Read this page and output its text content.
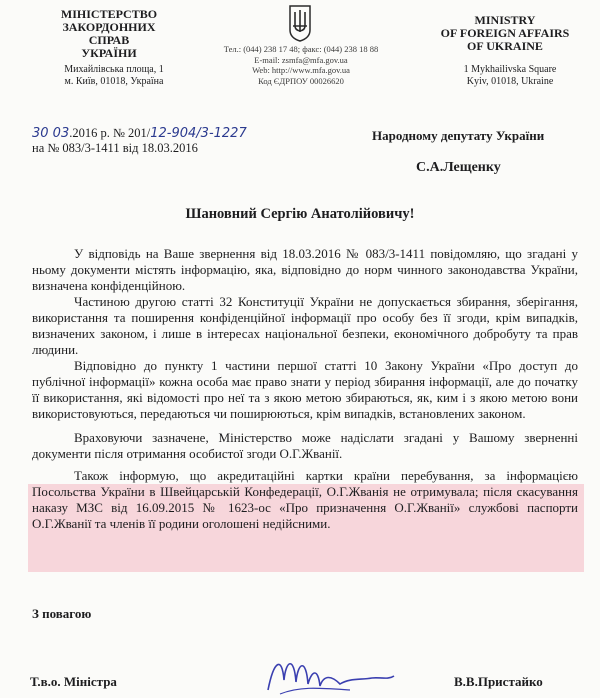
МІНІСТЕРСТВО
ЗАКОРДОННИХ СПРАВ
УКРАЇНИ
MINISTRY
OF FOREIGN AFFAIRS
OF UKRAINE
Михайлівська площа, 1
м. Київ, 01018, Україна
Тел.: (044) 238 17 48; факс: (044) 238 18 88
E-mail: zsmfa@mfa.gov.ua
Web: http://www.mfa.gov.ua
Код ЄДРПОУ 00026620
1 Mykhailivska Square
Kyiv, 01018, Ukraine
30 03.2016 р. № 201/12-904/3-1227
на № 083/3-1411 від 18.03.2016
Народному депутату України
С.А.Лещенку
Шановний Сергію Анатолійовичу!

У відповідь на Ваше звернення від 18.03.2016 № 083/3-1411 повідомляю, що згадані у ньому документи містять інформацію, яка, відповідно до норм чинного законодавства України, визначена конфіденційною.

Частиною другою статті 32 Конституції України не допускається збирання, зберігання, використання та поширення конфіденційної інформації про особу без її згоди, крім випадків, визначених законом, і лише в інтересах національної безпеки, економічного добробуту та прав людини.

Відповідно до пункту 1 частини першої статті 10 Закону України «Про доступ до публічної інформації» кожна особа має право знати у період збирання інформації, але до початку її використання, які відомості про неї та з якою метою збираються, як, ким і з якою метою вони використовуються, передаються чи поширюються, крім випадків, встановлених законом.

Враховуючи зазначене, Міністерство може надіслати згадані у Вашому зверненні документи після отримання особистої згоди О.Г.Жванії.

Також інформую, що акредитаційні картки країни перебування, за інформацією Посольства України в Швейцарській Конфедерації, О.Г.Жванія не отримувала; після скасування наказу МЗС від 16.09.2015 № 1623-ос «Про призначення О.Г.Жванії» службові паспорти О.Г.Жванії та членів її родини оголошені недійсними.

З повагою
Т.в.о. Міністра	В.В.Пристайко
